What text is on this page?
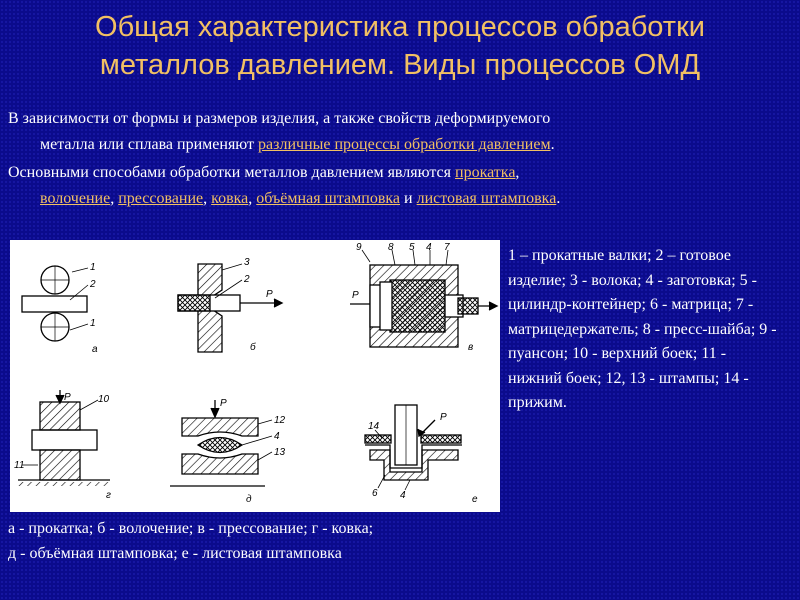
Общая характеристика процессов обработки
металлов давлением. Виды процессов ОМД
В зависимости от формы и размеров изделия, а также свойств деформируемого
металла или сплава применяют различные процессы обработки давлением.
Основными способами обработки металлов давлением являются прокатка,
волочение, прессование, ковка, объёмная штамповка и листовая штамповка.
1
2
1
а
3
2
P
б
9	8 5 4 7
P
в
P	10
11
г
P
12
4
13
д
P
14
6 4	е
1 – прокатные валки; 2 – готовое изделие; 3 - волока; 4 - заготовка; 5 - цилиндр-контейнер; 6 - матрица; 7 - матрицедержатель; 8 - пресс-шайба; 9 - пуансон; 10 - верхний боек; 11 - нижний боек; 12, 13 - штампы; 14 - прижим.
а - прокатка; б - волочение; в - прессование; г - ковка;
д - объёмная штамповка; е - листовая штамповка
